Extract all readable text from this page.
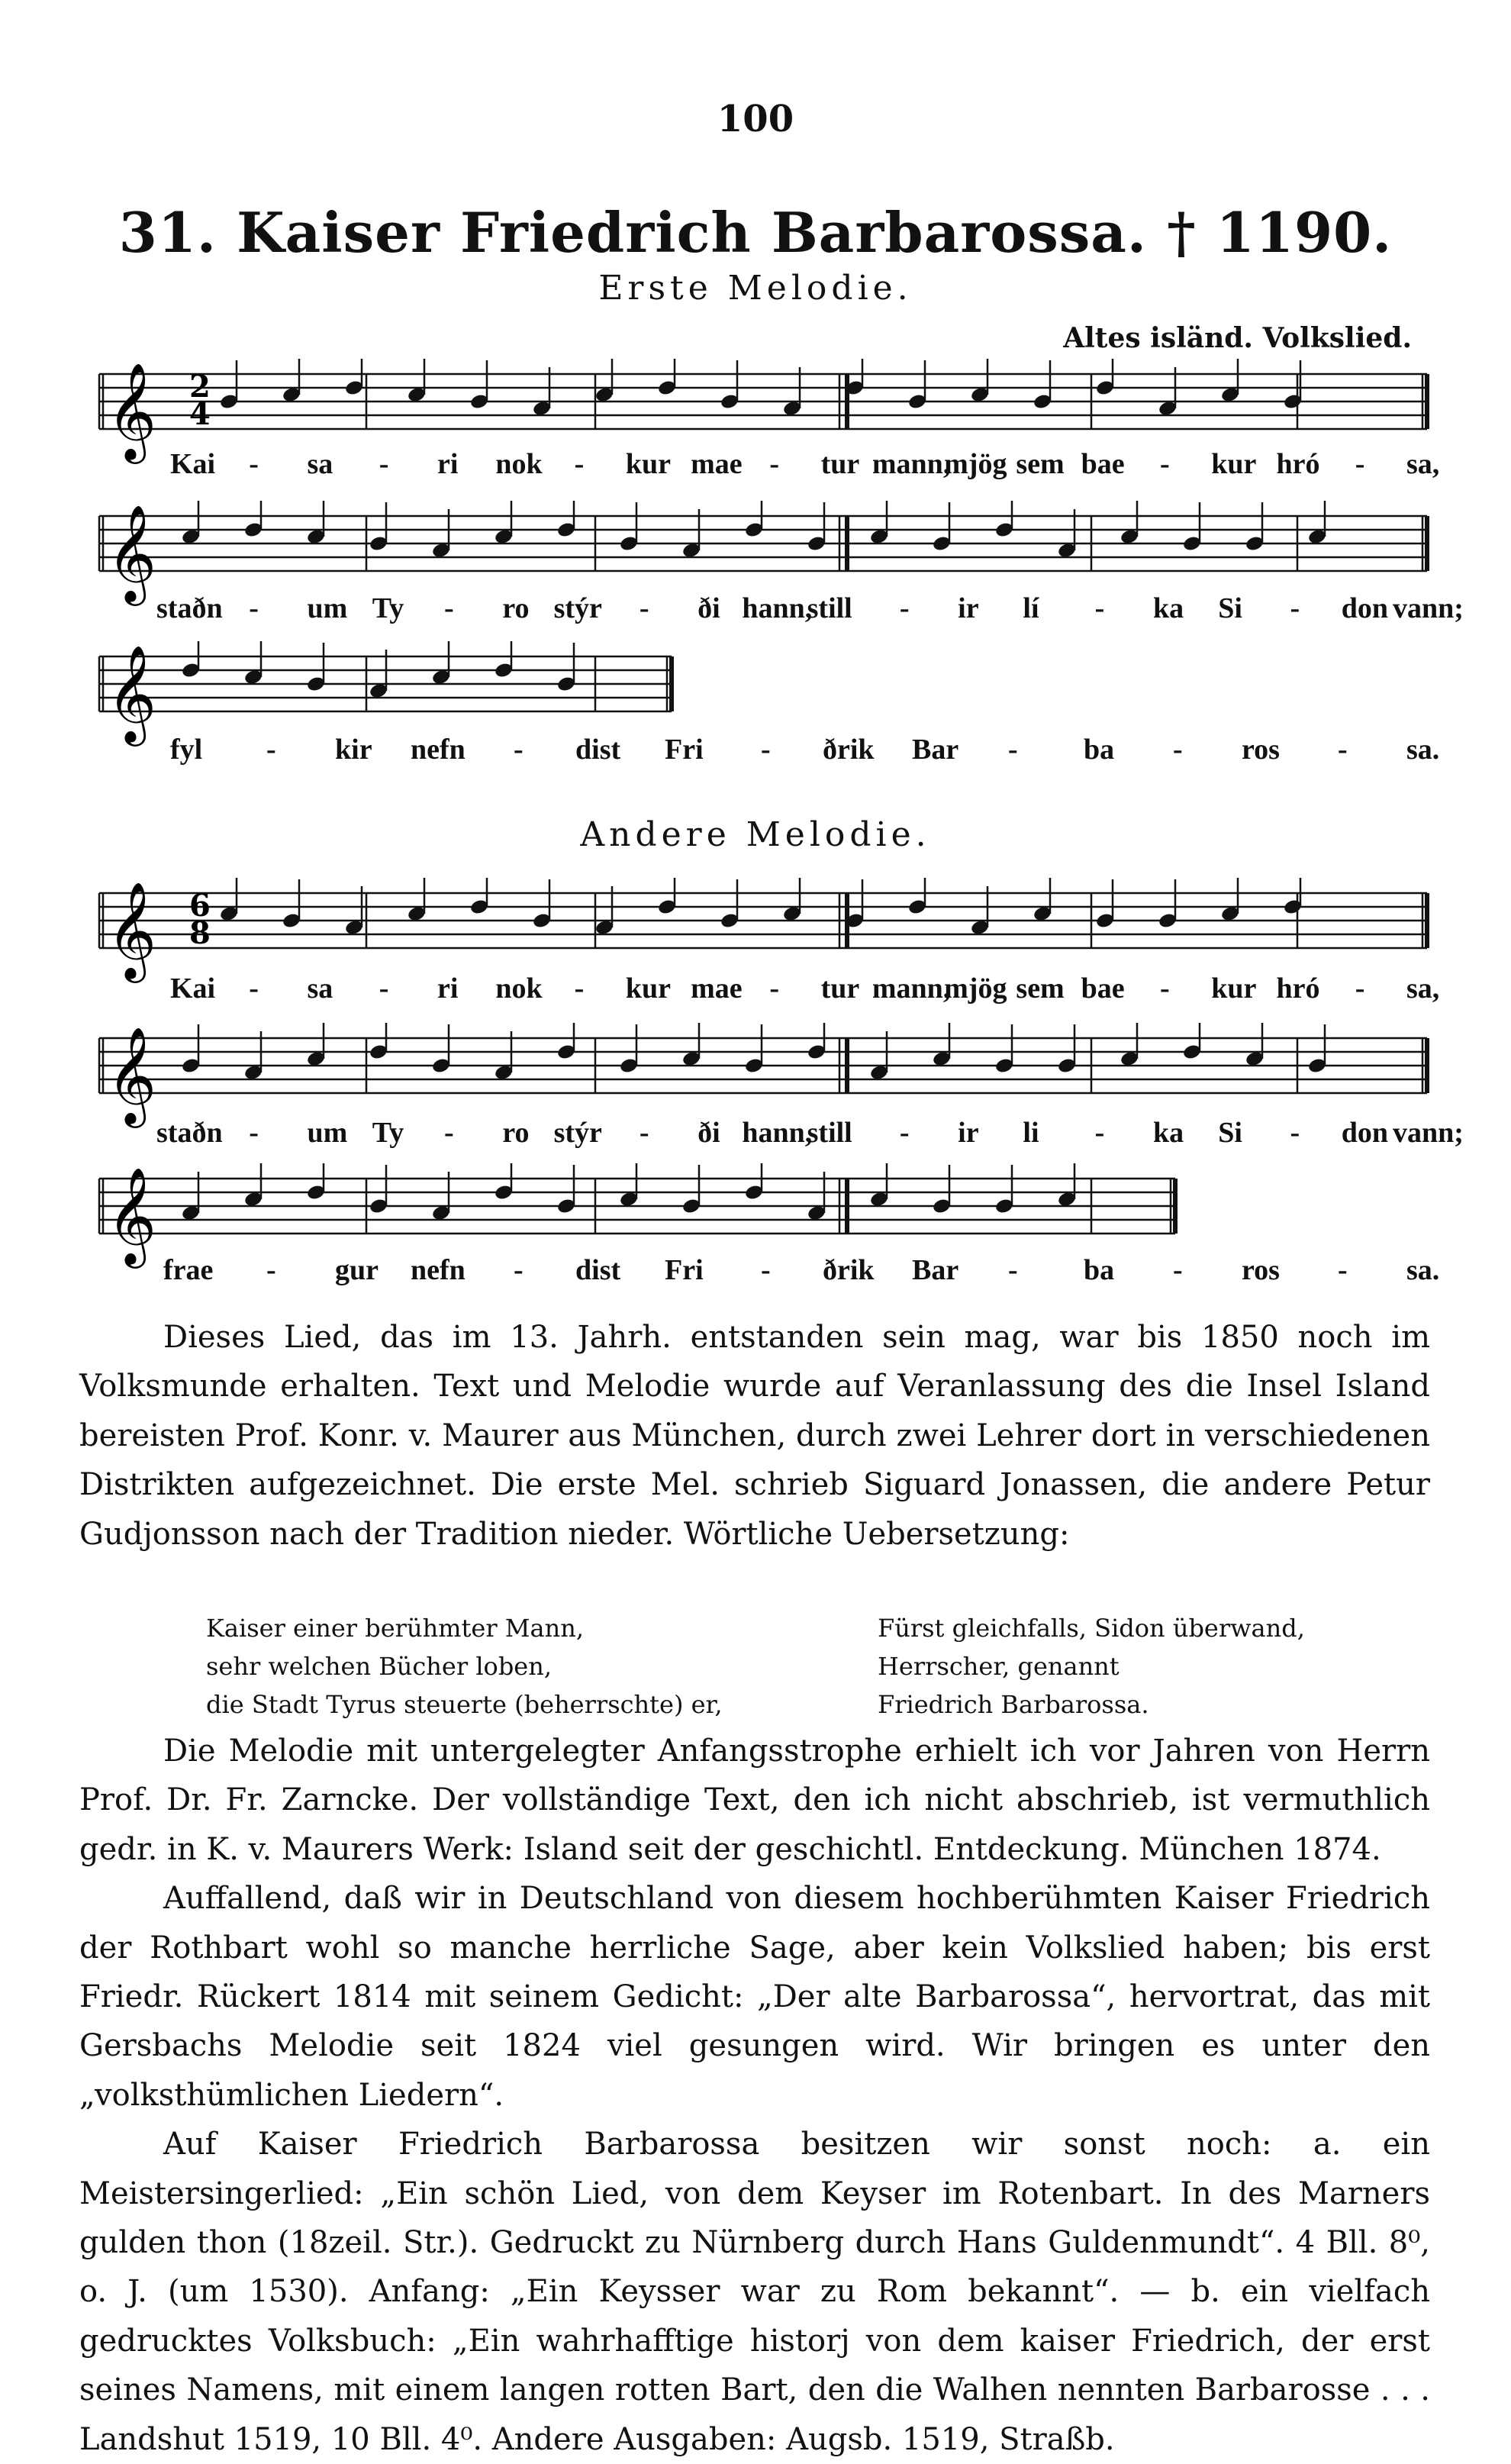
100
31. Kaiser Friedrich Barbarossa. † 1190.
Erste Melodie.
Altes isländ. Volkslied.
𝄞 2
4
Kai - sa - ri nok - kur mae - tur mann,
mjög sem bae - kur hró - sa,
𝄞
staðn - um Ty - ro stýr - ði hann,
still - ir lí - ka Si - don vann;
𝄞
fyl - kir nefn - dist Fri - ðrik Bar - ba - ros - sa.
Andere Melodie.
𝄞 6
8
Kai - sa - ri nok - kur mae - tur mann,
mjög sem bae - kur hró - sa,
𝄞
staðn - um Ty - ro stýr - ði hann,
still - ir li - ka Si - don vann;
𝄞
frae - gur nefn - dist Fri - ðrik Bar - ba - ros - sa.
Dieses Lied, das im 13. Jahrh. entstanden sein mag, war bis 1850 noch im Volksmunde erhalten. Text und Melodie wurde auf Veranlassung des die Insel Island bereisten Prof. Konr. v. Maurer aus München, durch zwei Lehrer dort in verschiedenen Distrikten aufgezeichnet. Die erste Mel. schrieb Siguard Jonassen, die andere Petur Gudjonsson nach der Tradition nieder. Wörtliche Uebersetzung:
Kaiser einer berühmter Mann,
sehr welchen Bücher loben,
die Stadt Tyrus steuerte (beherrschte) er,
Fürst gleichfalls, Sidon überwand,
Herrscher, genannt
Friedrich Barbarossa.

Die Melodie mit untergelegter Anfangsstrophe erhielt ich vor Jahren von Herrn Prof. Dr. Fr. Zarncke. Der vollständige Text, den ich nicht abschrieb, ist vermuthlich gedr. in K. v. Maurers Werk: Island seit der geschichtl. Entdeckung. München 1874.

Auffallend, daß wir in Deutschland von diesem hochberühmten Kaiser Friedrich der Rothbart wohl so manche herrliche Sage, aber kein Volkslied haben; bis erst Friedr. Rückert 1814 mit seinem Gedicht: „Der alte Barbarossa“, hervortrat, das mit Gersbachs Melodie seit 1824 viel gesungen wird. Wir bringen es unter den „volksthümlichen Liedern“.

Auf Kaiser Friedrich Barbarossa besitzen wir sonst noch: a. ein Meistersingerlied: „Ein schön Lied, von dem Keyser im Rotenbart. In des Marners gulden thon (18zeil. Str.). Gedruckt zu Nürnberg durch Hans Guldenmundt“. 4 Bll. 8⁰, o. J. (um 1530). Anfang: „Ein Keysser war zu Rom bekannt“. — b. ein vielfach gedrucktes Volksbuch: „Ein wahrhafftige historj von dem kaiser Friedrich, der erst seines Namens, mit einem langen rotten Bart, den die Walhen nennten Barbarosse . . . Landshut 1519, 10 Bll. 4⁰. Andere Ausgaben: Augsb. 1519, Straßb.
